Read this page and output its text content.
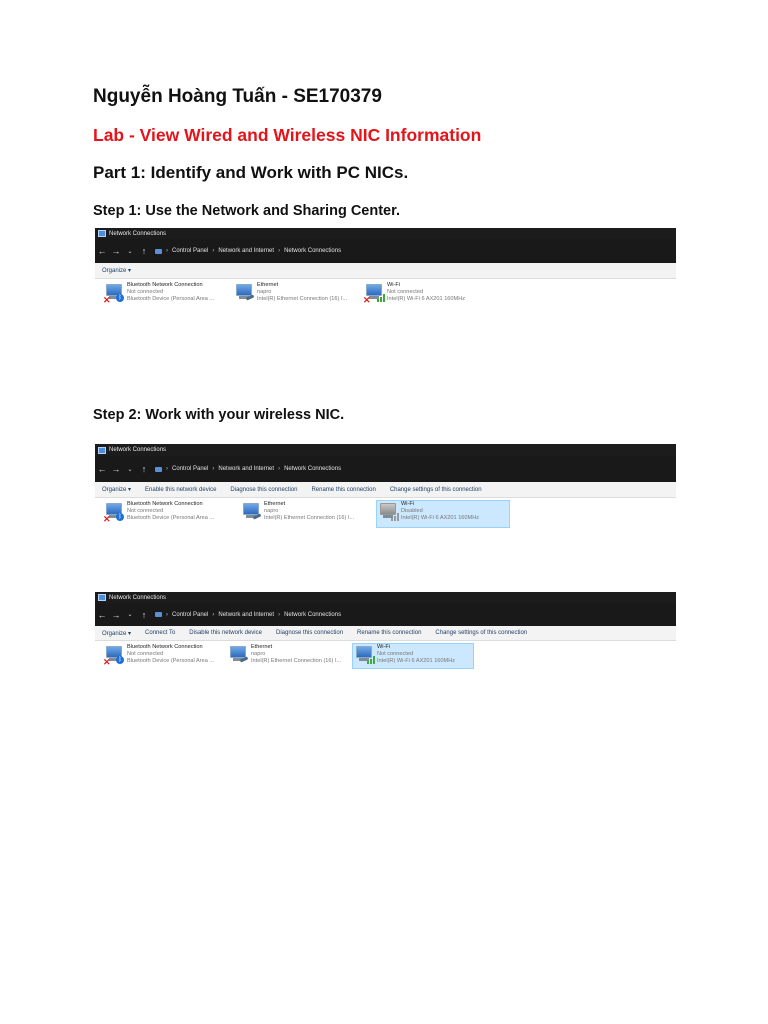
Nguyễn Hoàng Tuấn - SE170379
Lab - View Wired and Wireless NIC Information
Part 1: Identify and Work with PC NICs.
Step 1: Use the Network and Sharing Center.
Network Connections
← →	⌄	↑	› Control Panel › Network and Internet › Network Connections
Organize ▾
✕	ᛒ
Bluetooth Network Connection
Not connected
Bluetooth Device (Personal Area ...
Ethernet
napro
Intel(R) Ethernet Connection (16) I... ✕
Wi-Fi
Not connected
Intel(R) Wi-Fi 6 AX201 160MHz
Step 2: Work with your wireless NIC.
Network Connections
← →	⌄	↑	› Control Panel › Network and Internet › Network Connections
Organize ▾	Enable this network device	Diagnose this connection	Rename this connection	Change settings of this connection
✕	ᛒ
Bluetooth Network Connection
Not connected
Bluetooth Device (Personal Area ...
Ethernet
napro
Intel(R) Ethernet Connection (16) I...
Wi-Fi
Disabled
Intel(R) Wi-Fi 6 AX201 160MHz
Network Connections
← →	⌄	↑	› Control Panel › Network and Internet › Network Connections
Organize ▾	Connect To	Disable this network device	Diagnose this connection	Rename this connection	Change settings of this connection
✕	ᛒ
Bluetooth Network Connection
Not connected
Bluetooth Device (Personal Area ...
Ethernet
napro
Intel(R) Ethernet Connection (16) I...
Wi-Fi
Not connected
Intel(R) Wi-Fi 6 AX201 160MHz
